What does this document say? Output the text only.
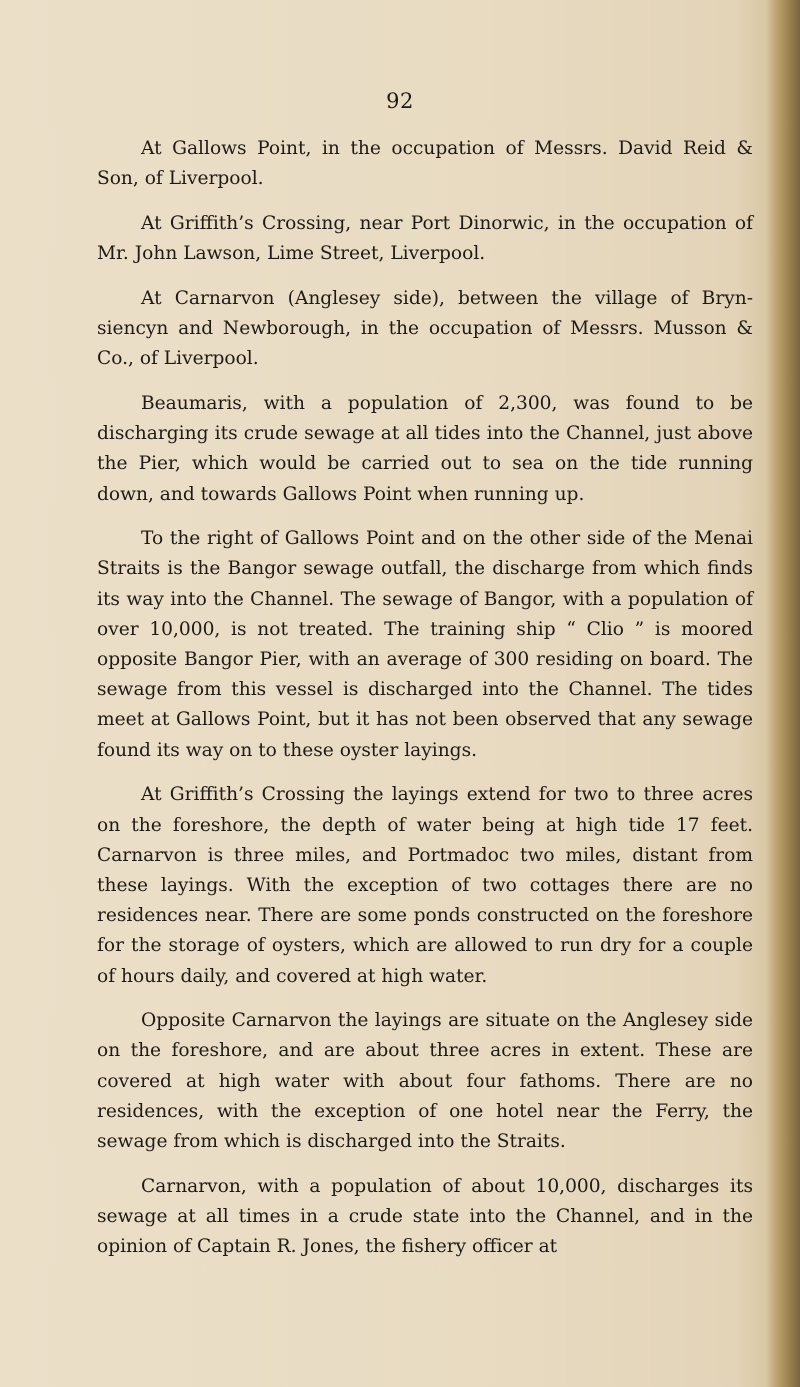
92

At Gallows Point, in the occupation of Messrs. David Reid & Son, of Liverpool.

At Griffith’s Crossing, near Port Dinorwic, in the occupation of Mr. John Lawson, Lime Street, Liverpool.

At Carnarvon (Anglesey side), between the village of Bryn-siencyn and Newborough, in the occupation of Messrs. Musson & Co., of Liverpool.

Beaumaris, with a population of 2,300, was found to be discharging its crude sewage at all tides into the Channel, just above the Pier, which would be carried out to sea on the tide running down, and towards Gallows Point when running up.

To the right of Gallows Point and on the other side of the Menai Straits is the Bangor sewage outfall, the discharge from which finds its way into the Channel. The sewage of Bangor, with a population of over 10,000, is not treated. The training ship “ Clio ” is moored opposite Bangor Pier, with an average of 300 residing on board. The sewage from this vessel is discharged into the Channel. The tides meet at Gallows Point, but it has not been observed that any sewage found its way on to these oyster layings.

At Griffith’s Crossing the layings extend for two to three acres on the foreshore, the depth of water being at high tide 17 feet. Carnarvon is three miles, and Portmadoc two miles, distant from these layings. With the exception of two cottages there are no residences near. There are some ponds constructed on the foreshore for the storage of oysters, which are allowed to run dry for a couple of hours daily, and covered at high water.

Opposite Carnarvon the layings are situate on the Anglesey side on the foreshore, and are about three acres in extent. These are covered at high water with about four fathoms. There are no residences, with the exception of one hotel near the Ferry, the sewage from which is discharged into the Straits.

Carnarvon, with a population of about 10,000, discharges its sewage at all times in a crude state into the Channel, and in the opinion of Captain R. Jones, the fishery officer at
